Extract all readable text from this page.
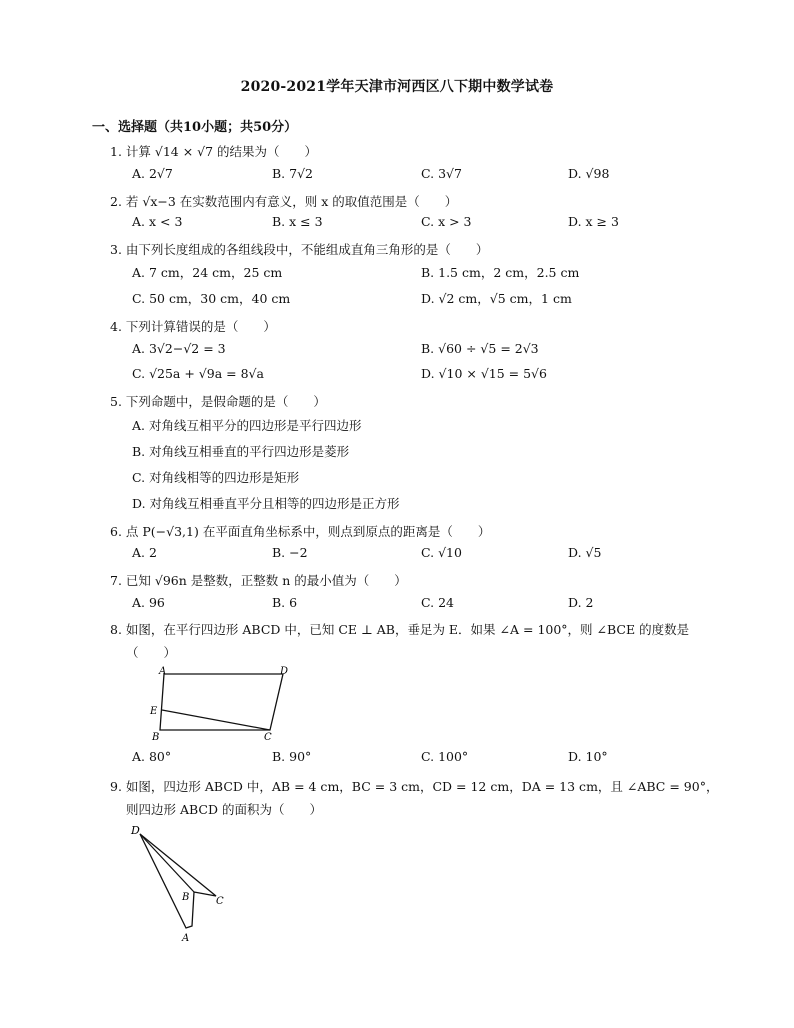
2020-2021学年天津市河西区八下期中数学试卷
一、选择题（共10小题；共50分）
1. 计算 √14 × √7 的结果为（　　）
A. 2√7	B. 7√2	C. 3√7	D. √98
2. 若 √x−3 在实数范围内有意义，则 x 的取值范围是（　　）
A. x < 3	B. x ≤ 3	C. x > 3	D. x ≥ 3
3. 由下列长度组成的各组线段中，不能组成直角三角形的是（　　）
A. 7 cm，24 cm，25 cm	B. 1.5 cm，2 cm，2.5 cm
C. 50 cm，30 cm，40 cm	D. √2 cm，√5 cm，1 cm
4. 下列计算错误的是（　　）
A. 3√2−√2 = 3	B. √60 ÷ √5 = 2√3
C. √25a + √9a = 8√a	D. √10 × √15 = 5√6
5. 下列命题中，是假命题的是（　　）
A. 对角线互相平分的四边形是平行四边形
B. 对角线互相垂直的平行四边形是菱形
C. 对角线相等的四边形是矩形
D. 对角线互相垂直平分且相等的四边形是正方形
6. 点 P(−√3,1) 在平面直角坐标系中，则点到原点的距离是（　　）
A. 2	B. −2	C. √10	D. √5
7. 已知 √96n 是整数，正整数 n 的最小值为（　　）
A. 96	B. 6	C. 24	D. 2
8. 如图，在平行四边形 ABCD 中，已知 CE ⊥ AB，垂足为 E．如果 ∠A = 100°，则 ∠BCE 的度数是
（　　）
A	D
E
B	C
A. 80°	B. 90°	C. 100°	D. 10°
9. 如图，四边形 ABCD 中，AB = 4 cm，BC = 3 cm，CD = 12 cm，DA = 13 cm，且 ∠ABC = 90°，
则四边形 ABCD 的面积为（　　）
D
B	C
A
